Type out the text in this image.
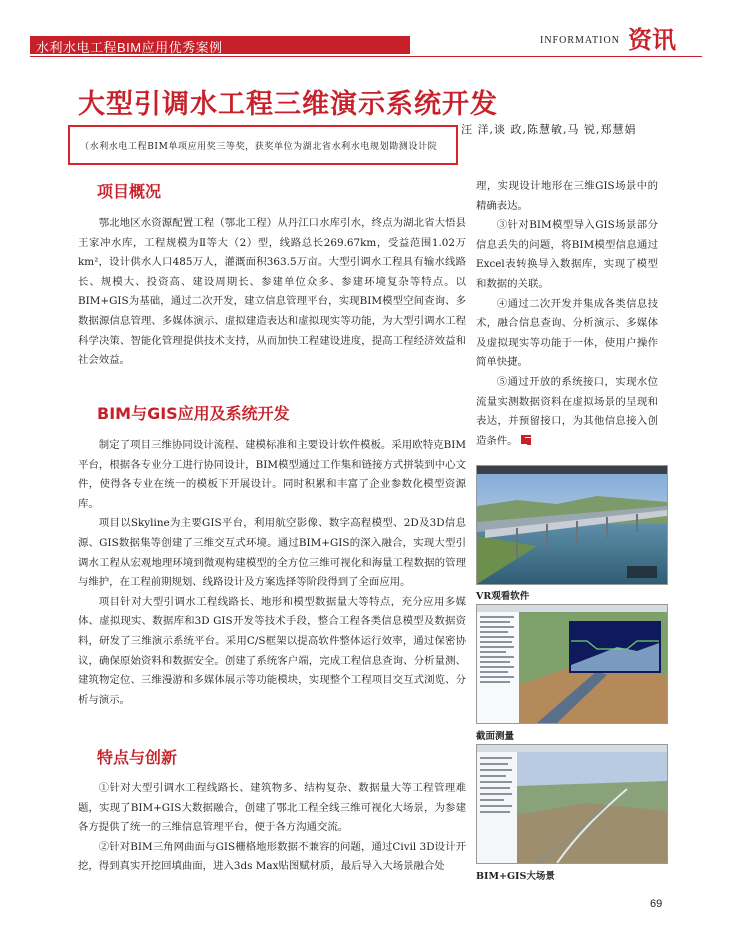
水利水电工程BIM应用优秀案例	INFORMATION 资讯
大型引调水工程三维演示系统开发
汪 洋,谈 政,陈慧敏,马 锐,郑慧娟
（水利水电工程BIM单项应用奖三等奖，获奖单位为湖北省水利水电规划勘测设计院
项目概况

鄂北地区水资源配置工程（鄂北工程）从丹江口水库引水，终点为湖北省大悟县王家冲水库，工程规模为Ⅱ等大（2）型，线路总长269.67km，受益范围1.02万km²，设计供水人口485万人，灌溉面积363.5万亩。大型引调水工程具有输水线路长、规模大、投资高、建设周期长、参建单位众多、参建环境复杂等特点。以BIM+GIS为基础，通过二次开发，建立信息管理平台，实现BIM模型空间查询、多数据源信息管理、多媒体演示、虚拟建造表达和虚拟现实等功能，为大型引调水工程科学决策、智能化管理提供技术支持，从而加快工程建设进度，提高工程经济效益和社会效益。

BIM与GIS应用及系统开发

制定了项目三维协同设计流程、建模标准和主要设计软件模板。采用欧特克BIM平台，根据各专业分工进行协同设计，BIM模型通过工作集和链接方式拼装到中心文件，使得各专业在统一的模板下开展设计。同时积累和丰富了企业参数化模型资源库。

项目以Skyline为主要GIS平台，利用航空影像、数字高程模型、2D及3D信息源、GIS数据集等创建了三维交互式环境。通过BIM+GIS的深入融合，实现大型引调水工程从宏观地理环境到微观构建模型的全方位三维可视化和海量工程数据的管理与维护，在工程前期规划、线路设计及方案选择等阶段得到了全面应用。

项目针对大型引调水工程线路长、地形和模型数据量大等特点，充分应用多媒体、虚拟现实、数据库和3D GIS开发等技术手段，整合工程各类信息模型及数据资料，研发了三维演示系统平台。采用C/S框架以提高软件整体运行效率，通过保密协议，确保原始资料和数据安全。创建了系统客户端，完成工程信息查询、分析量测、建筑物定位、三维漫游和多媒体展示等功能模块，实现整个工程项目交互式浏览、分析与演示。

特点与创新

①针对大型引调水工程线路长、建筑物多、结构复杂、数据量大等工程管理难题，实现了BIM+GIS大数据融合，创建了鄂北工程全线三维可视化大场景，为参建各方提供了统一的三维信息管理平台，便于各方沟通交流。

②针对BIM三角网曲面与GIS栅格地形数据不兼容的问题，通过Civil 3D设计开挖，得到真实开挖回填曲面，进入3ds Max贴图赋材质，最后导入大场景融合处

理，实现设计地形在三维GIS场景中的精确表达。

③针对BIM模型导入GIS场景部分信息丢失的问题，将BIM模型信息通过Excel表转换导入数据库，实现了模型和数据的关联。

④通过二次开发并集成各类信息技术，融合信息查询、分析演示、多媒体及虚拟现实等功能于一体，使用户操作简单快捷。

⑤通过开放的系统接口，实现水位流量实测数据资料在虚拟场景的呈现和表达，并预留接口，为其他信息接入创造条件。

VR观看软件
截面测量
BIM+GIS大场景
69
